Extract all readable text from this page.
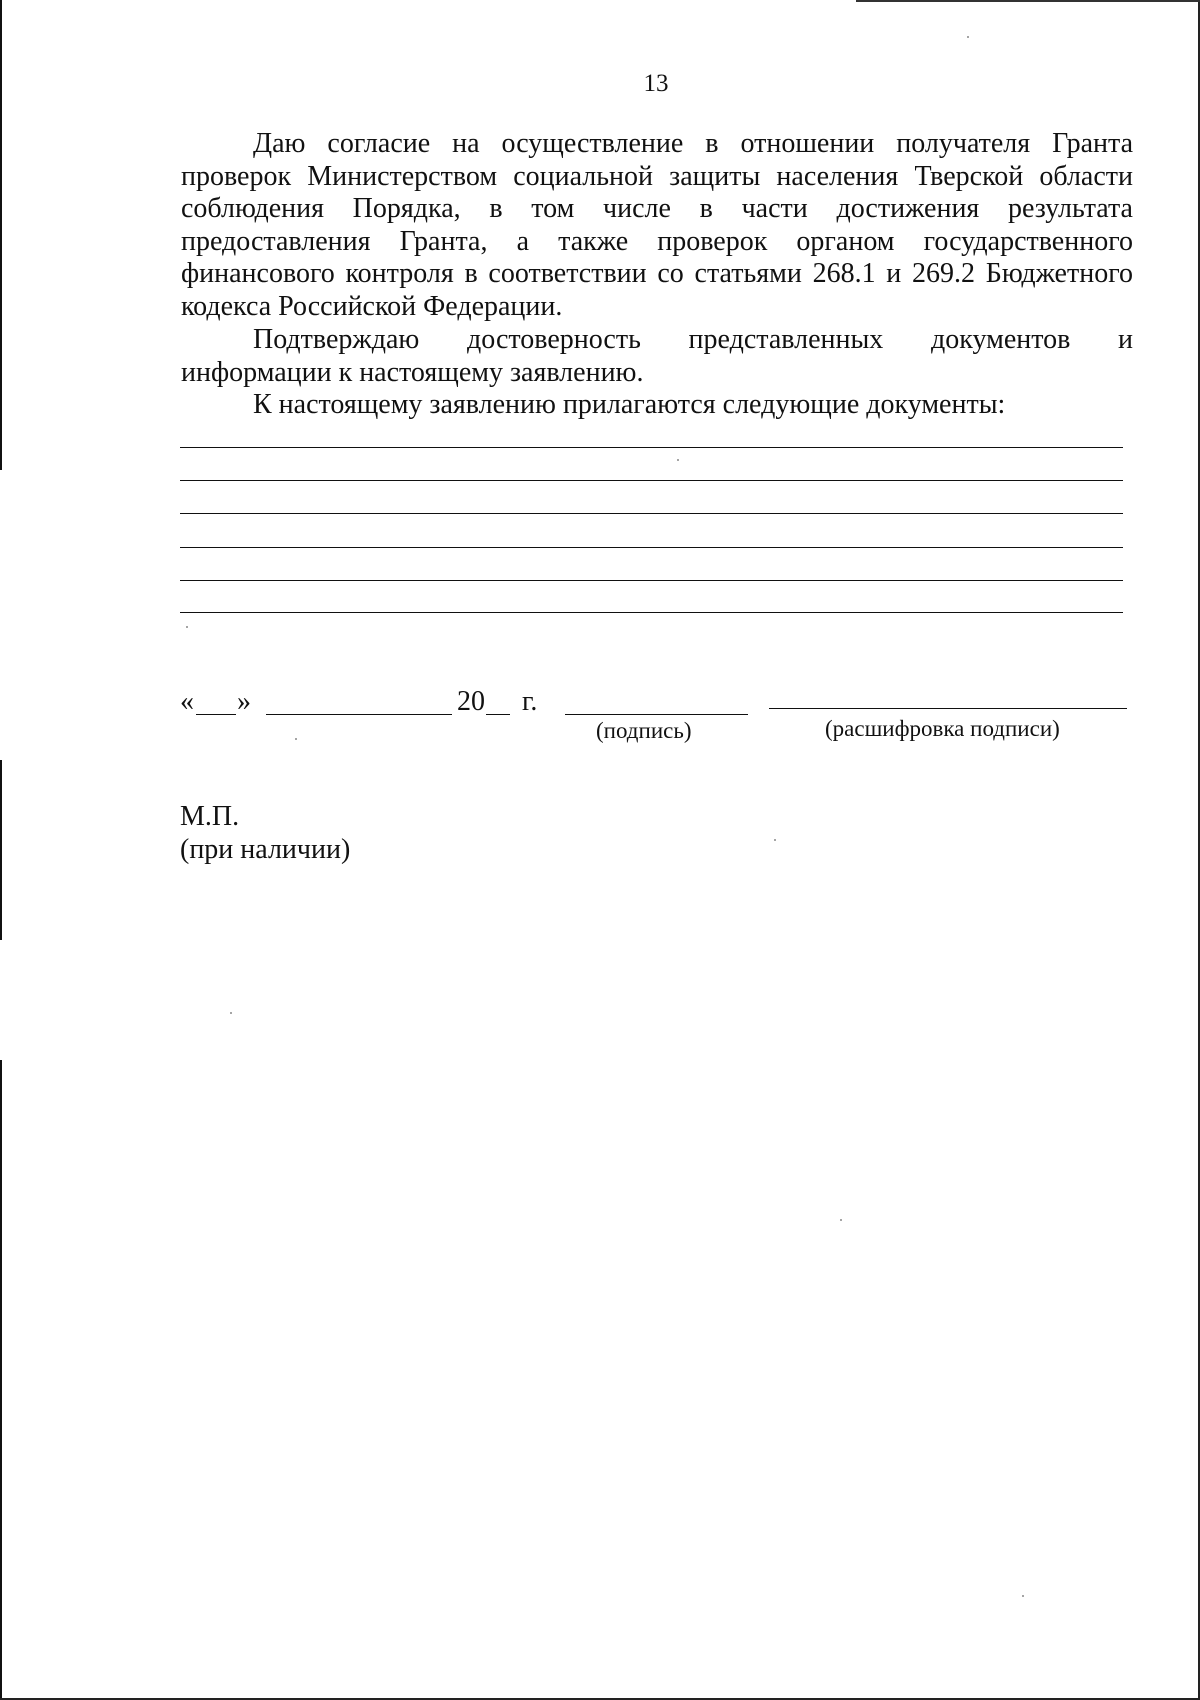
13

Даю согласие на осуществление в отношении получателя Гранта проверок Министерством социальной защиты населения Тверской области соблюдения Порядка, в том числе в части достижения результата предоставления Гранта, а также проверок органом государственного финансового контроля в соответствии со статьями 268.1 и 269.2 Бюджетного кодекса Российской Федерации.

Подтверждаю достоверность представленных документов и
информации к настоящему заявлению.

К настоящему заявлению прилагаются следующие документы:

« »	20 г.
(подпись)	(расшифровка подписи)
М.П.
(при наличии)
